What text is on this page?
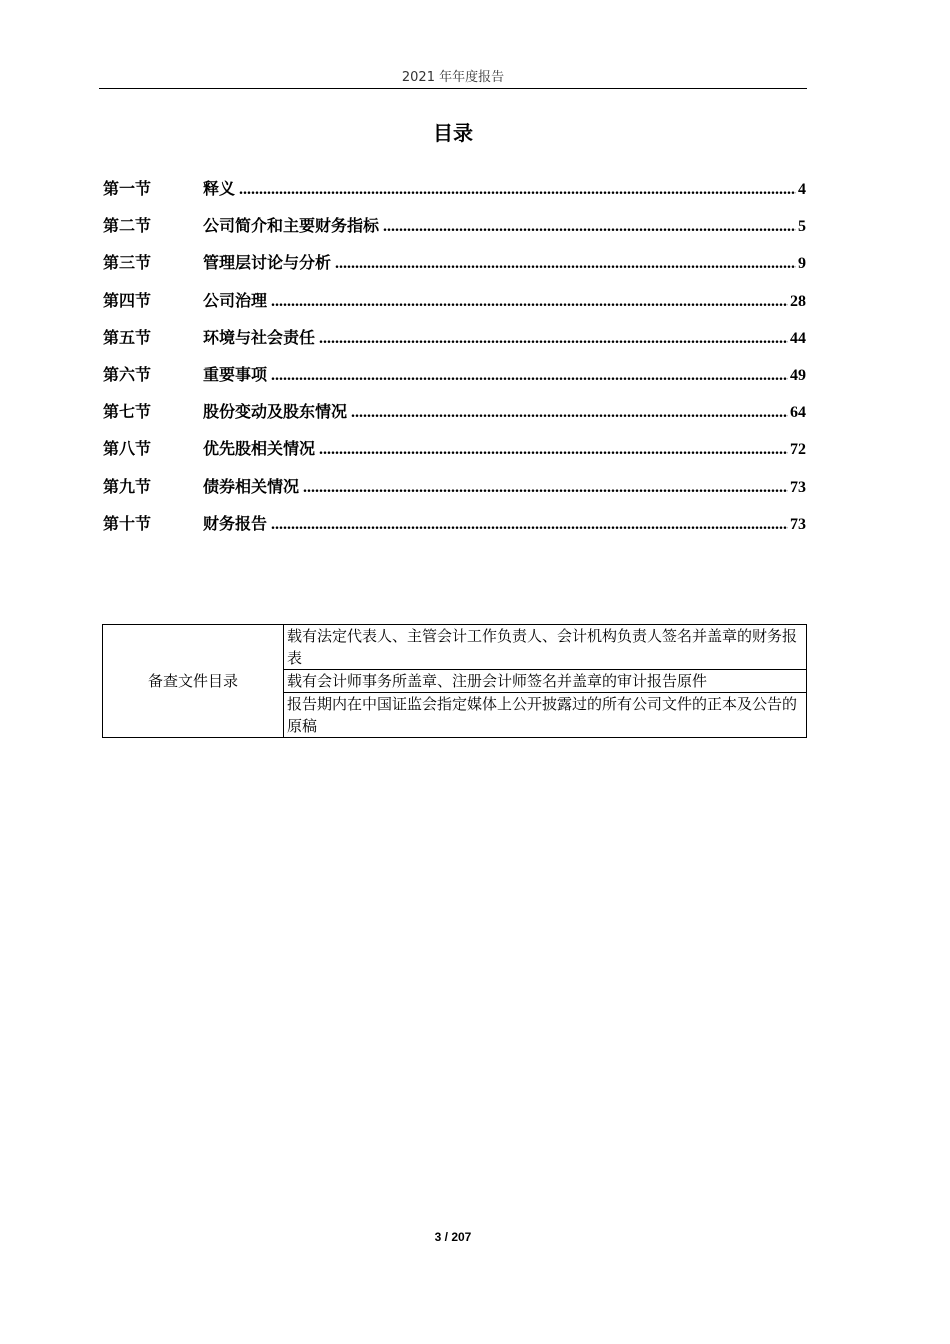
2021 年年度报告
目录
第一节	释义 .....	4
第二节	公司简介和主要财务指标 .....	5
第三节	管理层讨论与分析 .....	9
第四节	公司治理 .....	28
第五节	环境与社会责任 .....	44
第六节	重要事项 .....	49
第七节	股份变动及股东情况 .....	64
第八节	优先股相关情况 .....	72
第九节	债券相关情况 .....	73
第十节	财务报告 .....	73
备查文件目录	载有法定代表人、主管会计工作负责人、会计机构负责人签名并盖章的财务报表
载有会计师事务所盖章、注册会计师签名并盖章的审计报告原件
报告期内在中国证监会指定媒体上公开披露过的所有公司文件的正本及公告的原稿
3 / 207
